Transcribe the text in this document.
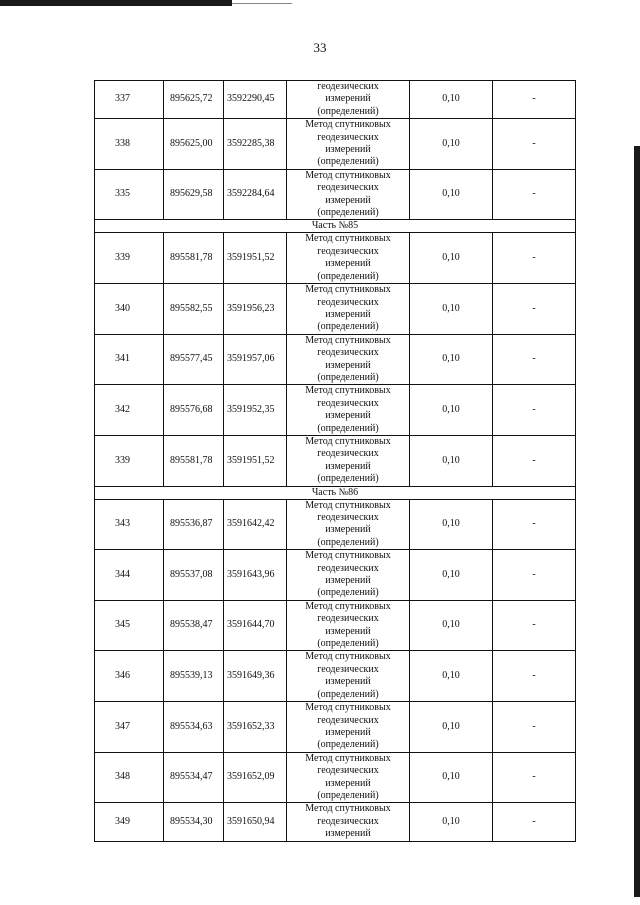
33
337	895625,72	3592290,45	геодезических
измерений
(определений)	0,10	-
338	895625,00	3592285,38	Метод спутниковых
геодезических
измерений
(определений)	0,10	-
335	895629,58	3592284,64	Метод спутниковых
геодезических
измерений
(определений)	0,10	-
Часть №85					
339	895581,78	3591951,52	Метод спутниковых
геодезических
измерений
(определений)	0,10	-
340	895582,55	3591956,23	Метод спутниковых
геодезических
измерений
(определений)	0,10	-
341	895577,45	3591957,06	Метод спутниковых
геодезических
измерений
(определений)	0,10	-
342	895576,68	3591952,35	Метод спутниковых
геодезических
измерений
(определений)	0,10	-
339	895581,78	3591951,52	Метод спутниковых
геодезических
измерений
(определений)	0,10	-
Часть №86					
343	895536,87	3591642,42	Метод спутниковых
геодезических
измерений
(определений)	0,10	-
344	895537,08	3591643,96	Метод спутниковых
геодезических
измерений
(определений)	0,10	-
345	895538,47	3591644,70	Метод спутниковых
геодезических
измерений
(определений)	0,10	-
346	895539,13	3591649,36	Метод спутниковых
геодезических
измерений
(определений)	0,10	-
347	895534,63	3591652,33	Метод спутниковых
геодезических
измерений
(определений)	0,10	-
348	895534,47	3591652,09	Метод спутниковых
геодезических
измерений
(определений)	0,10	-
349	895534,30	3591650,94	Метод спутниковых
геодезических
измерений	0,10	-
